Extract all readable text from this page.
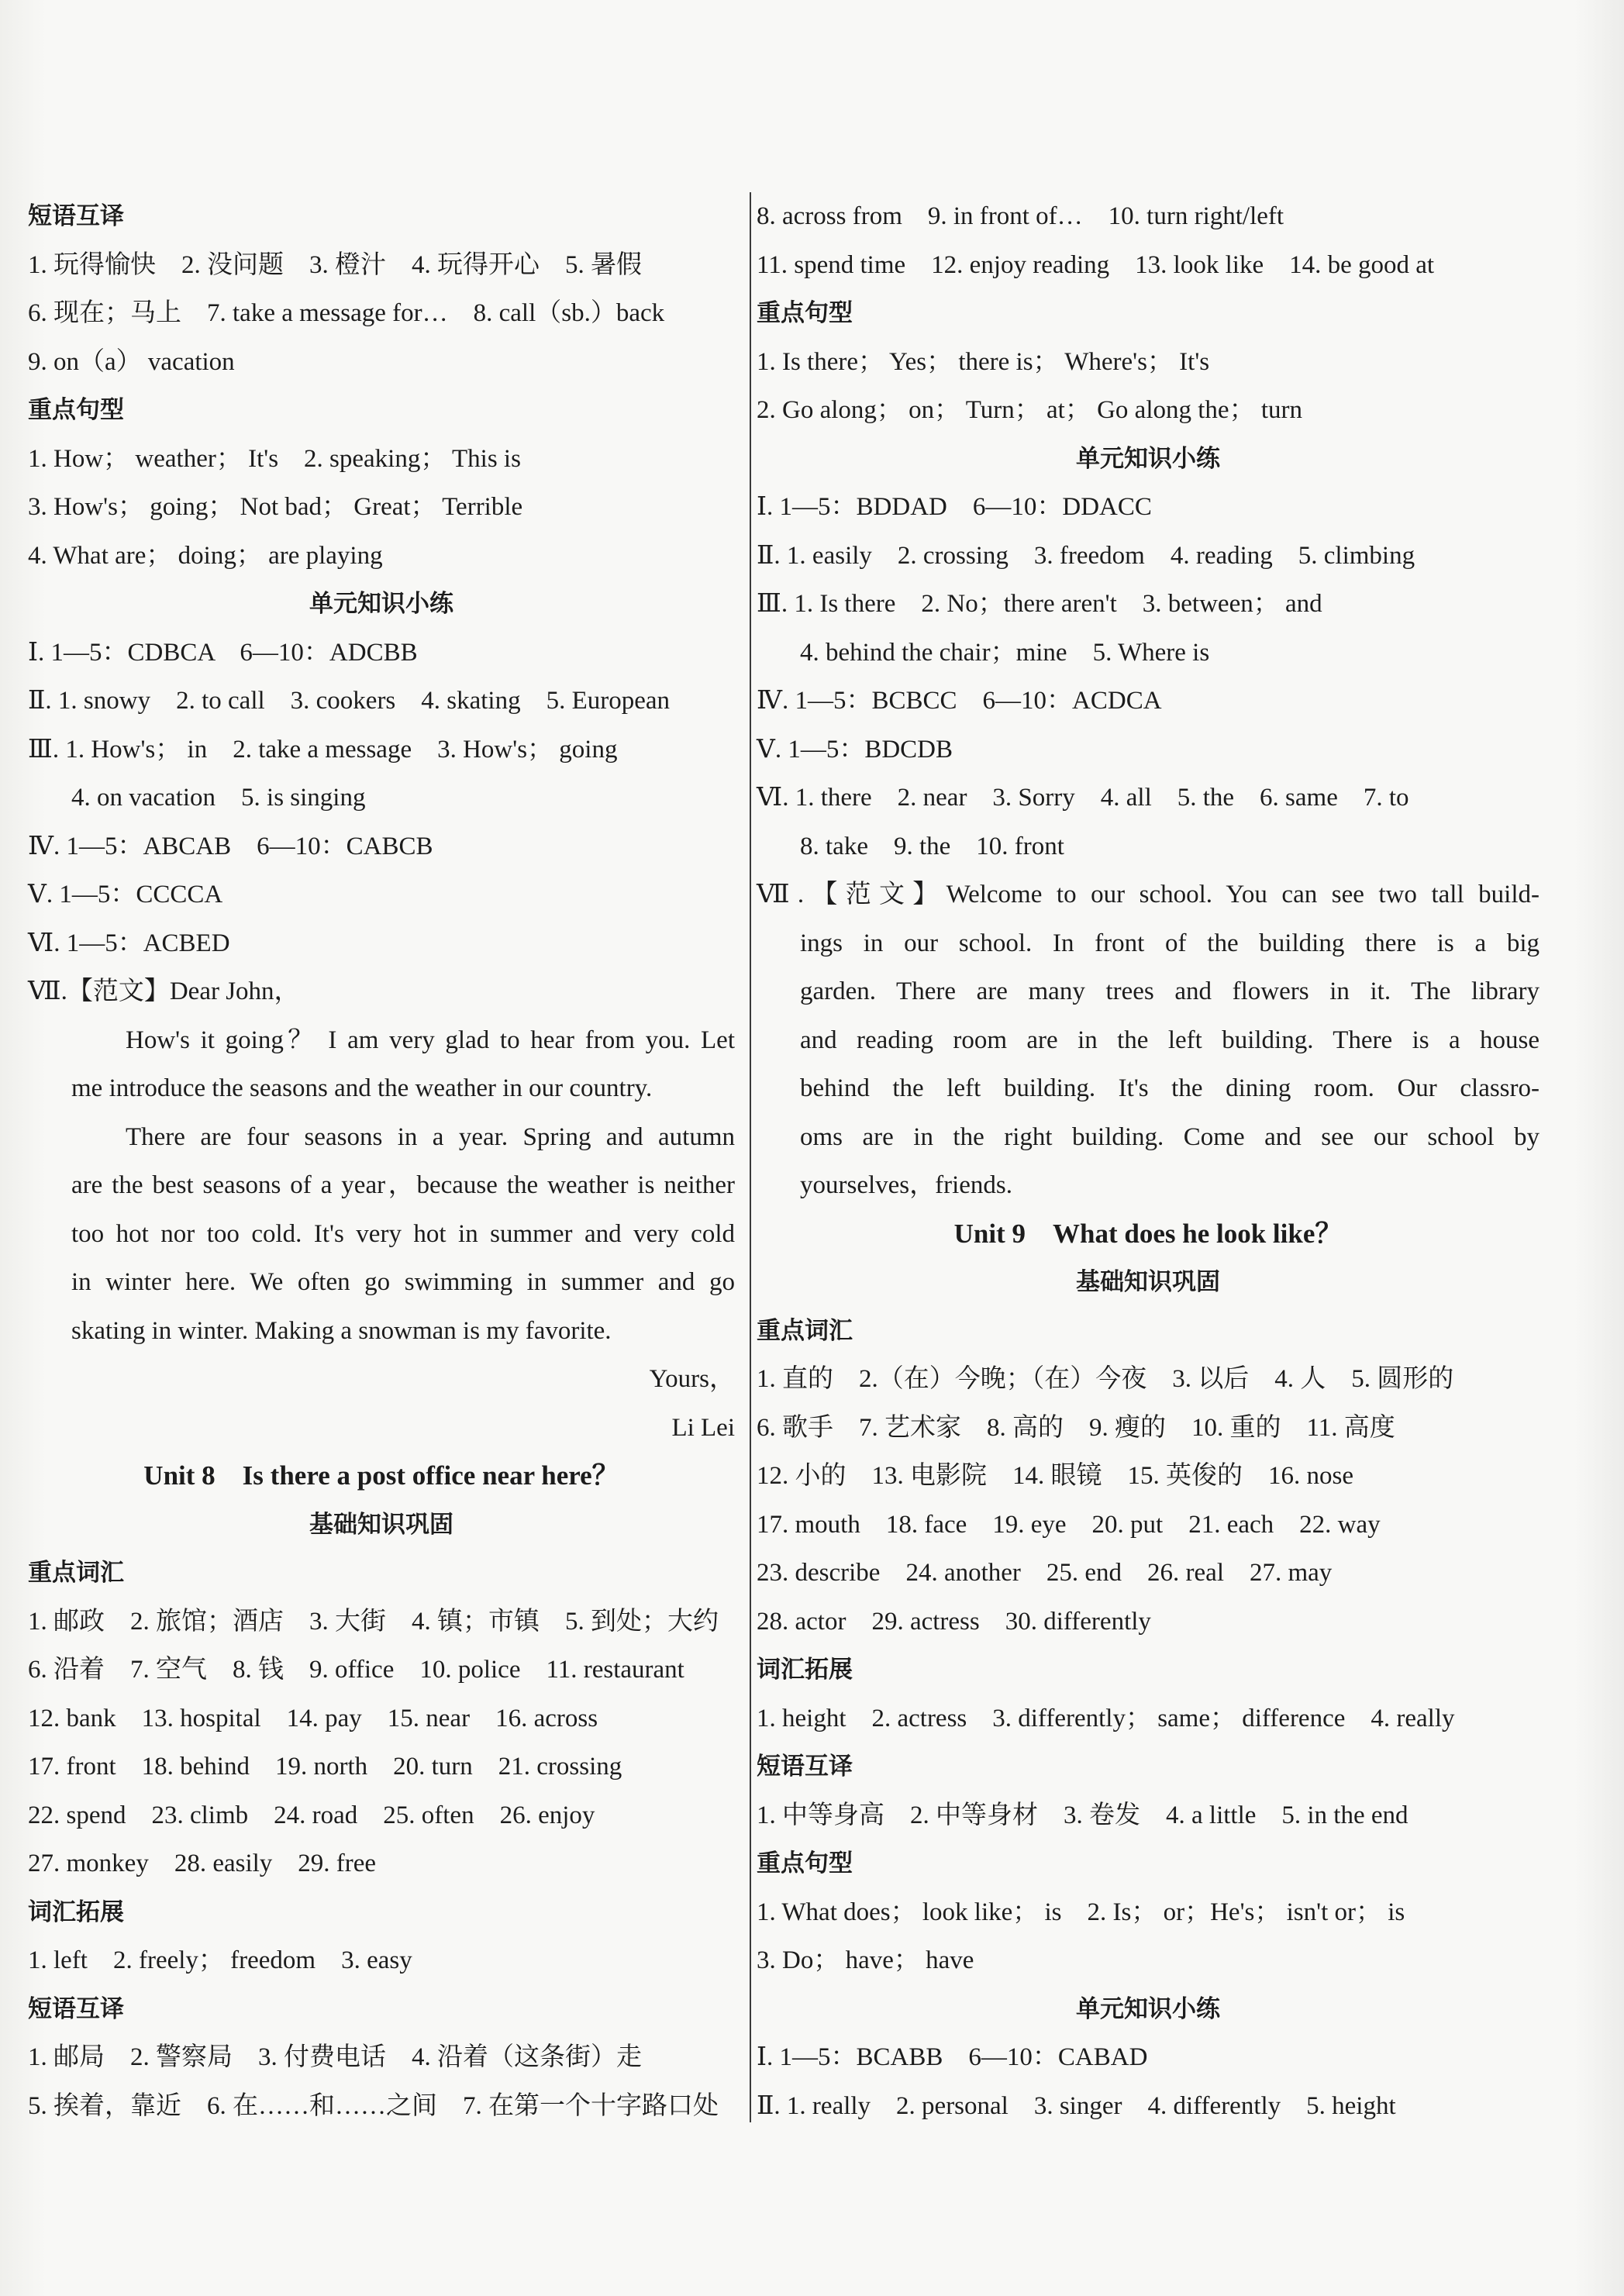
短语互译
1. 玩得愉快　2. 没问题　3. 橙汁　4. 玩得开心　5. 暑假
6. 现在；马上　7. take a message for…　8. call（sb.）back
9. on（a） vacation
重点句型
1. How； weather； It's　2. speaking； This is
3. How's； going； Not bad； Great； Terrible
4. What are； doing； are playing
单元知识小练
Ⅰ. 1—5：CDBCA　6—10：ADCBB
Ⅱ. 1. snowy　2. to call　3. cookers　4. skating　5. European
Ⅲ. 1. How's； in　2. take a message　3. How's； going
4. on vacation　5. is singing
Ⅳ. 1—5：ABCAB　6—10：CABCB
Ⅴ. 1—5：CCCCA
Ⅵ. 1—5：ACBED
Ⅶ.【范文】Dear John，
How's it going？ I am very glad to hear from you. Let
me introduce the seasons and the weather in our country.
There are four seasons in a year. Spring and autumn
are the best seasons of a year，because the weather is neither
too hot nor too cold. It's very hot in summer and very cold
in winter here. We often go swimming in summer and go
skating in winter. Making a snowman is my favorite.
Yours，
Li Lei
Unit 8　Is there a post office near here？
基础知识巩固
重点词汇
1. 邮政　2. 旅馆；酒店　3. 大街　4. 镇；市镇　5. 到处；大约
6. 沿着　7. 空气　8. 钱　9. office　10. police　11. restaurant
12. bank　13. hospital　14. pay　15. near　16. across
17. front　18. behind　19. north　20. turn　21. crossing
22. spend　23. climb　24. road　25. often　26. enjoy
27. monkey　28. easily　29. free
词汇拓展
1. left　2. freely； freedom　3. easy
短语互译
1. 邮局　2. 警察局　3. 付费电话　4. 沿着（这条街）走
5. 挨着，靠近　6. 在……和……之间　7. 在第一个十字路口处
8. across from　9. in front of…　10. turn right/left
11. spend time　12. enjoy reading　13. look like　14. be good at
重点句型
1. Is there； Yes； there is； Where's； It's
2. Go along； on； Turn； at； Go along the； turn
单元知识小练
Ⅰ. 1—5：BDDAD　6—10：DDACC
Ⅱ. 1. easily　2. crossing　3. freedom　4. reading　5. climbing
Ⅲ. 1. Is there　2. No；there aren't　3. between； and
4. behind the chair；mine　5. Where is
Ⅳ. 1—5：BCBCC　6—10：ACDCA
Ⅴ. 1—5：BDCDB
Ⅵ. 1. there　2. near　3. Sorry　4. all　5. the　6. same　7. to
8. take　9. the　10. front
Ⅶ.【范文】Welcome to our school. You can see two tall build-
ings in our school. In front of the building there is a big
garden. There are many trees and flowers in it. The library
and reading room are in the left building. There is a house
behind the left building. It's the dining room. Our classro-
oms are in the right building. Come and see our school by
yourselves，friends.
Unit 9　What does he look like？
基础知识巩固
重点词汇
1. 直的　2.（在）今晚；（在）今夜　3. 以后　4. 人　5. 圆形的
6. 歌手　7. 艺术家　8. 高的　9. 瘦的　10. 重的　11. 高度
12. 小的　13. 电影院　14. 眼镜　15. 英俊的　16. nose
17. mouth　18. face　19. eye　20. put　21. each　22. way
23. describe　24. another　25. end　26. real　27. may
28. actor　29. actress　30. differently
词汇拓展
1. height　2. actress　3. differently； same； difference　4. really
短语互译
1. 中等身高　2. 中等身材　3. 卷发　4. a little　5. in the end
重点句型
1. What does； look like； is　2. Is； or；He's； isn't or； is
3. Do； have； have
单元知识小练
Ⅰ. 1—5：BCABB　6—10：CABAD
Ⅱ. 1. really　2. personal　3. singer　4. differently　5. height
